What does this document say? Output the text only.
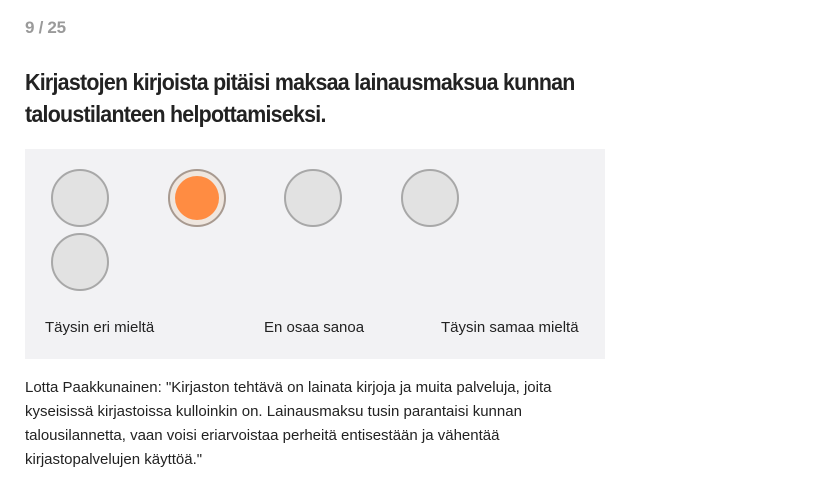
9 / 25
Kirjastojen kirjoista pitäisi maksaa lainausmaksua kunnan
taloustilanteen helpottamiseksi.
Täysin eri mieltä	En osaa sanoa	Täysin samaa mieltä

Lotta Paakkunainen: "Kirjaston tehtävä on lainata kirjoja ja muita palveluja, joita
kyseisissä kirjastoissa kulloinkin on. Lainausmaksu tusin parantaisi kunnan
talousilannetta, vaan voisi eriarvoistaa perheitä entisestään ja vähentää
kirjastopalvelujen käyttöä."
